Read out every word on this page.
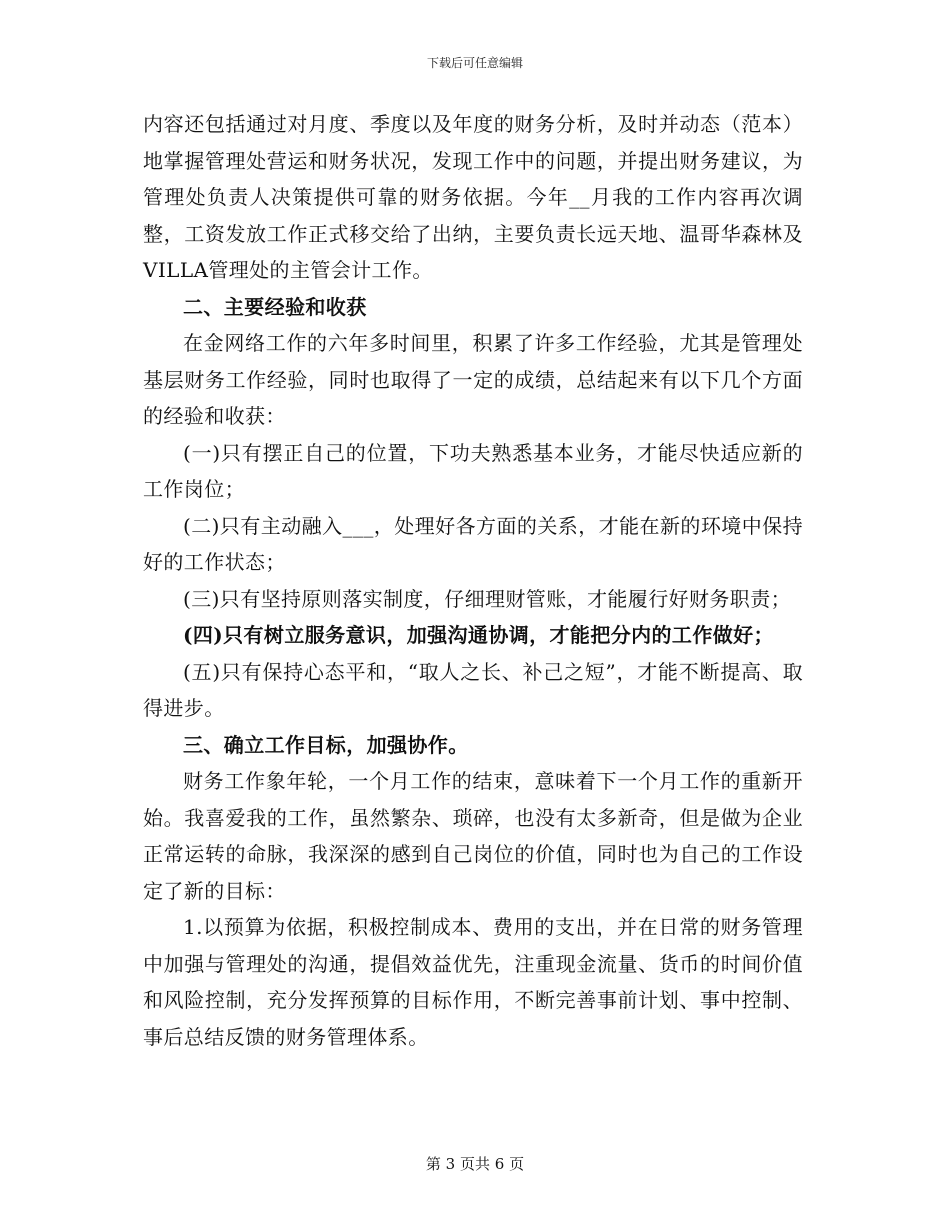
下载后可任意编辑

内容还包括通过对月度、季度以及年度的财务分析，及时并动态（范本）地掌握管理处营运和财务状况，发现工作中的问题，并提出财务建议，为管理处负责人决策提供可靠的财务依据。今年__月我的工作内容再次调整，工资发放工作正式移交给了出纳，主要负责长远天地、温哥华森林及VILLA管理处的主管会计工作。

二、主要经验和收获

在金网络工作的六年多时间里，积累了许多工作经验，尤其是管理处基层财务工作经验，同时也取得了一定的成绩，总结起来有以下几个方面的经验和收获：

(一)只有摆正自己的位置，下功夫熟悉基本业务，才能尽快适应新的工作岗位；

(二)只有主动融入___，处理好各方面的关系，才能在新的环境中保持好的工作状态；

(三)只有坚持原则落实制度，仔细理财管账，才能履行好财务职责；

(四)只有树立服务意识，加强沟通协调，才能把分内的工作做好；

(五)只有保持心态平和，“取人之长、补己之短”，才能不断提高、取得进步。

三、确立工作目标，加强协作。

财务工作象年轮，一个月工作的结束，意味着下一个月工作的重新开始。我喜爱我的工作，虽然繁杂、琐碎，也没有太多新奇，但是做为企业正常运转的命脉，我深深的感到自己岗位的价值，同时也为自己的工作设定了新的目标：

1.以预算为依据，积极控制成本、费用的支出，并在日常的财务管理中加强与管理处的沟通，提倡效益优先，注重现金流量、货币的时间价值和风险控制，充分发挥预算的目标作用，不断完善事前计划、事中控制、事后总结反馈的财务管理体系。

第 3 页共 6 页
